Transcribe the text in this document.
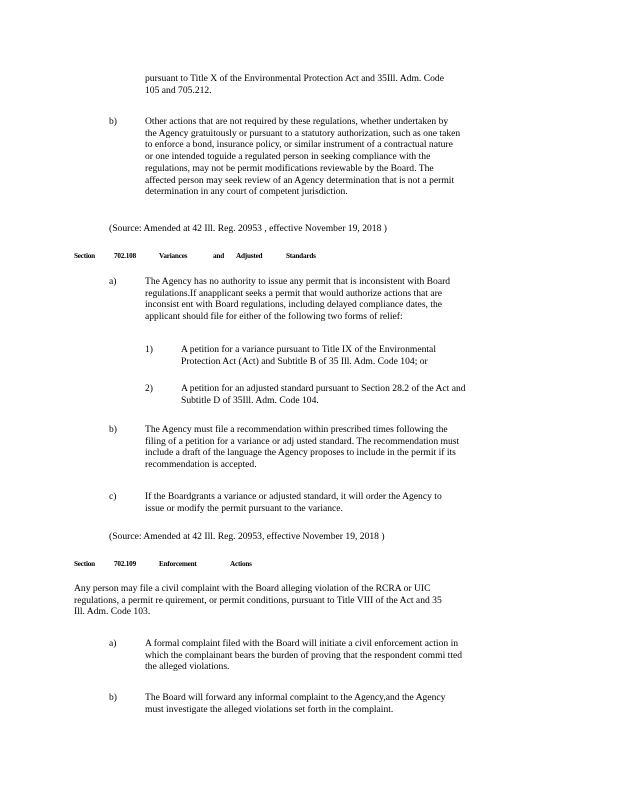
pursuant to Title X of the Environmental Protection Act and 35Ill. Adm. Code
105 and 705.212.
b)	Other actions that are not required by these regulations, whether undertaken by
the Agency gratuitously or pursuant to a statutory authorization, such as one taken
to enforce a bond, insurance policy, or similar instrument of a contractual nature
or one intended toguide a regulated person in seeking compliance with the
regulations, may not be permit modifications reviewable by the Board. The
affected person may seek review of an Agency determination that is not a permit
determination in any court of competent jurisdiction.
(Source: Amended at 42 Ill. Reg. 20953 , effective November 19, 2018 )
Section	702.108	Variances	and Adjusted	Standards
a)	The Agency has no authority to issue any permit that is inconsistent with Board
regulations.If anapplicant seeks a permit that would authorize actions that are
inconsist ent with Board regulations, including delayed compliance dates, the
applicant should file for either of the following two forms of relief:
1)	A petition for a variance pursuant to Title IX of the Environmental
Protection Act (Act) and Subtitle B of 35 Ill. Adm. Code 104; or
2)	A petition for an adjusted standard pursuant to Section 28.2 of the Act and
Subtitle D of 35Ill. Adm. Code 104.
b)	The Agency must file a recommendation within prescribed times following the
filing of a petition for a variance or adj usted standard. The recommendation must
include a draft of the language the Agency proposes to include in the permit if its
recommendation is accepted.
c)	If the Boardgrants a variance or adjusted standard, it will order the Agency to
issue or modify the permit pursuant to the variance.
(Source: Amended at 42 Ill. Reg. 20953, effective November 19, 2018 )
Section	702.109	Enforcement	Actions
Any person may file a civil complaint with the Board alleging violation of the RCRA or UIC
regulations, a permit re quirement, or permit conditions, pursuant to Title VIII of the Act and 35
Ill. Adm. Code 103.
a)	A formal complaint filed with the Board will initiate a civil enforcement action in
which the complainant bears the burden of proving that the respondent commi tted
the alleged violations.
b)	The Board will forward any informal complaint to the Agency,and the Agency
must investigate the alleged violations set forth in the complaint.
